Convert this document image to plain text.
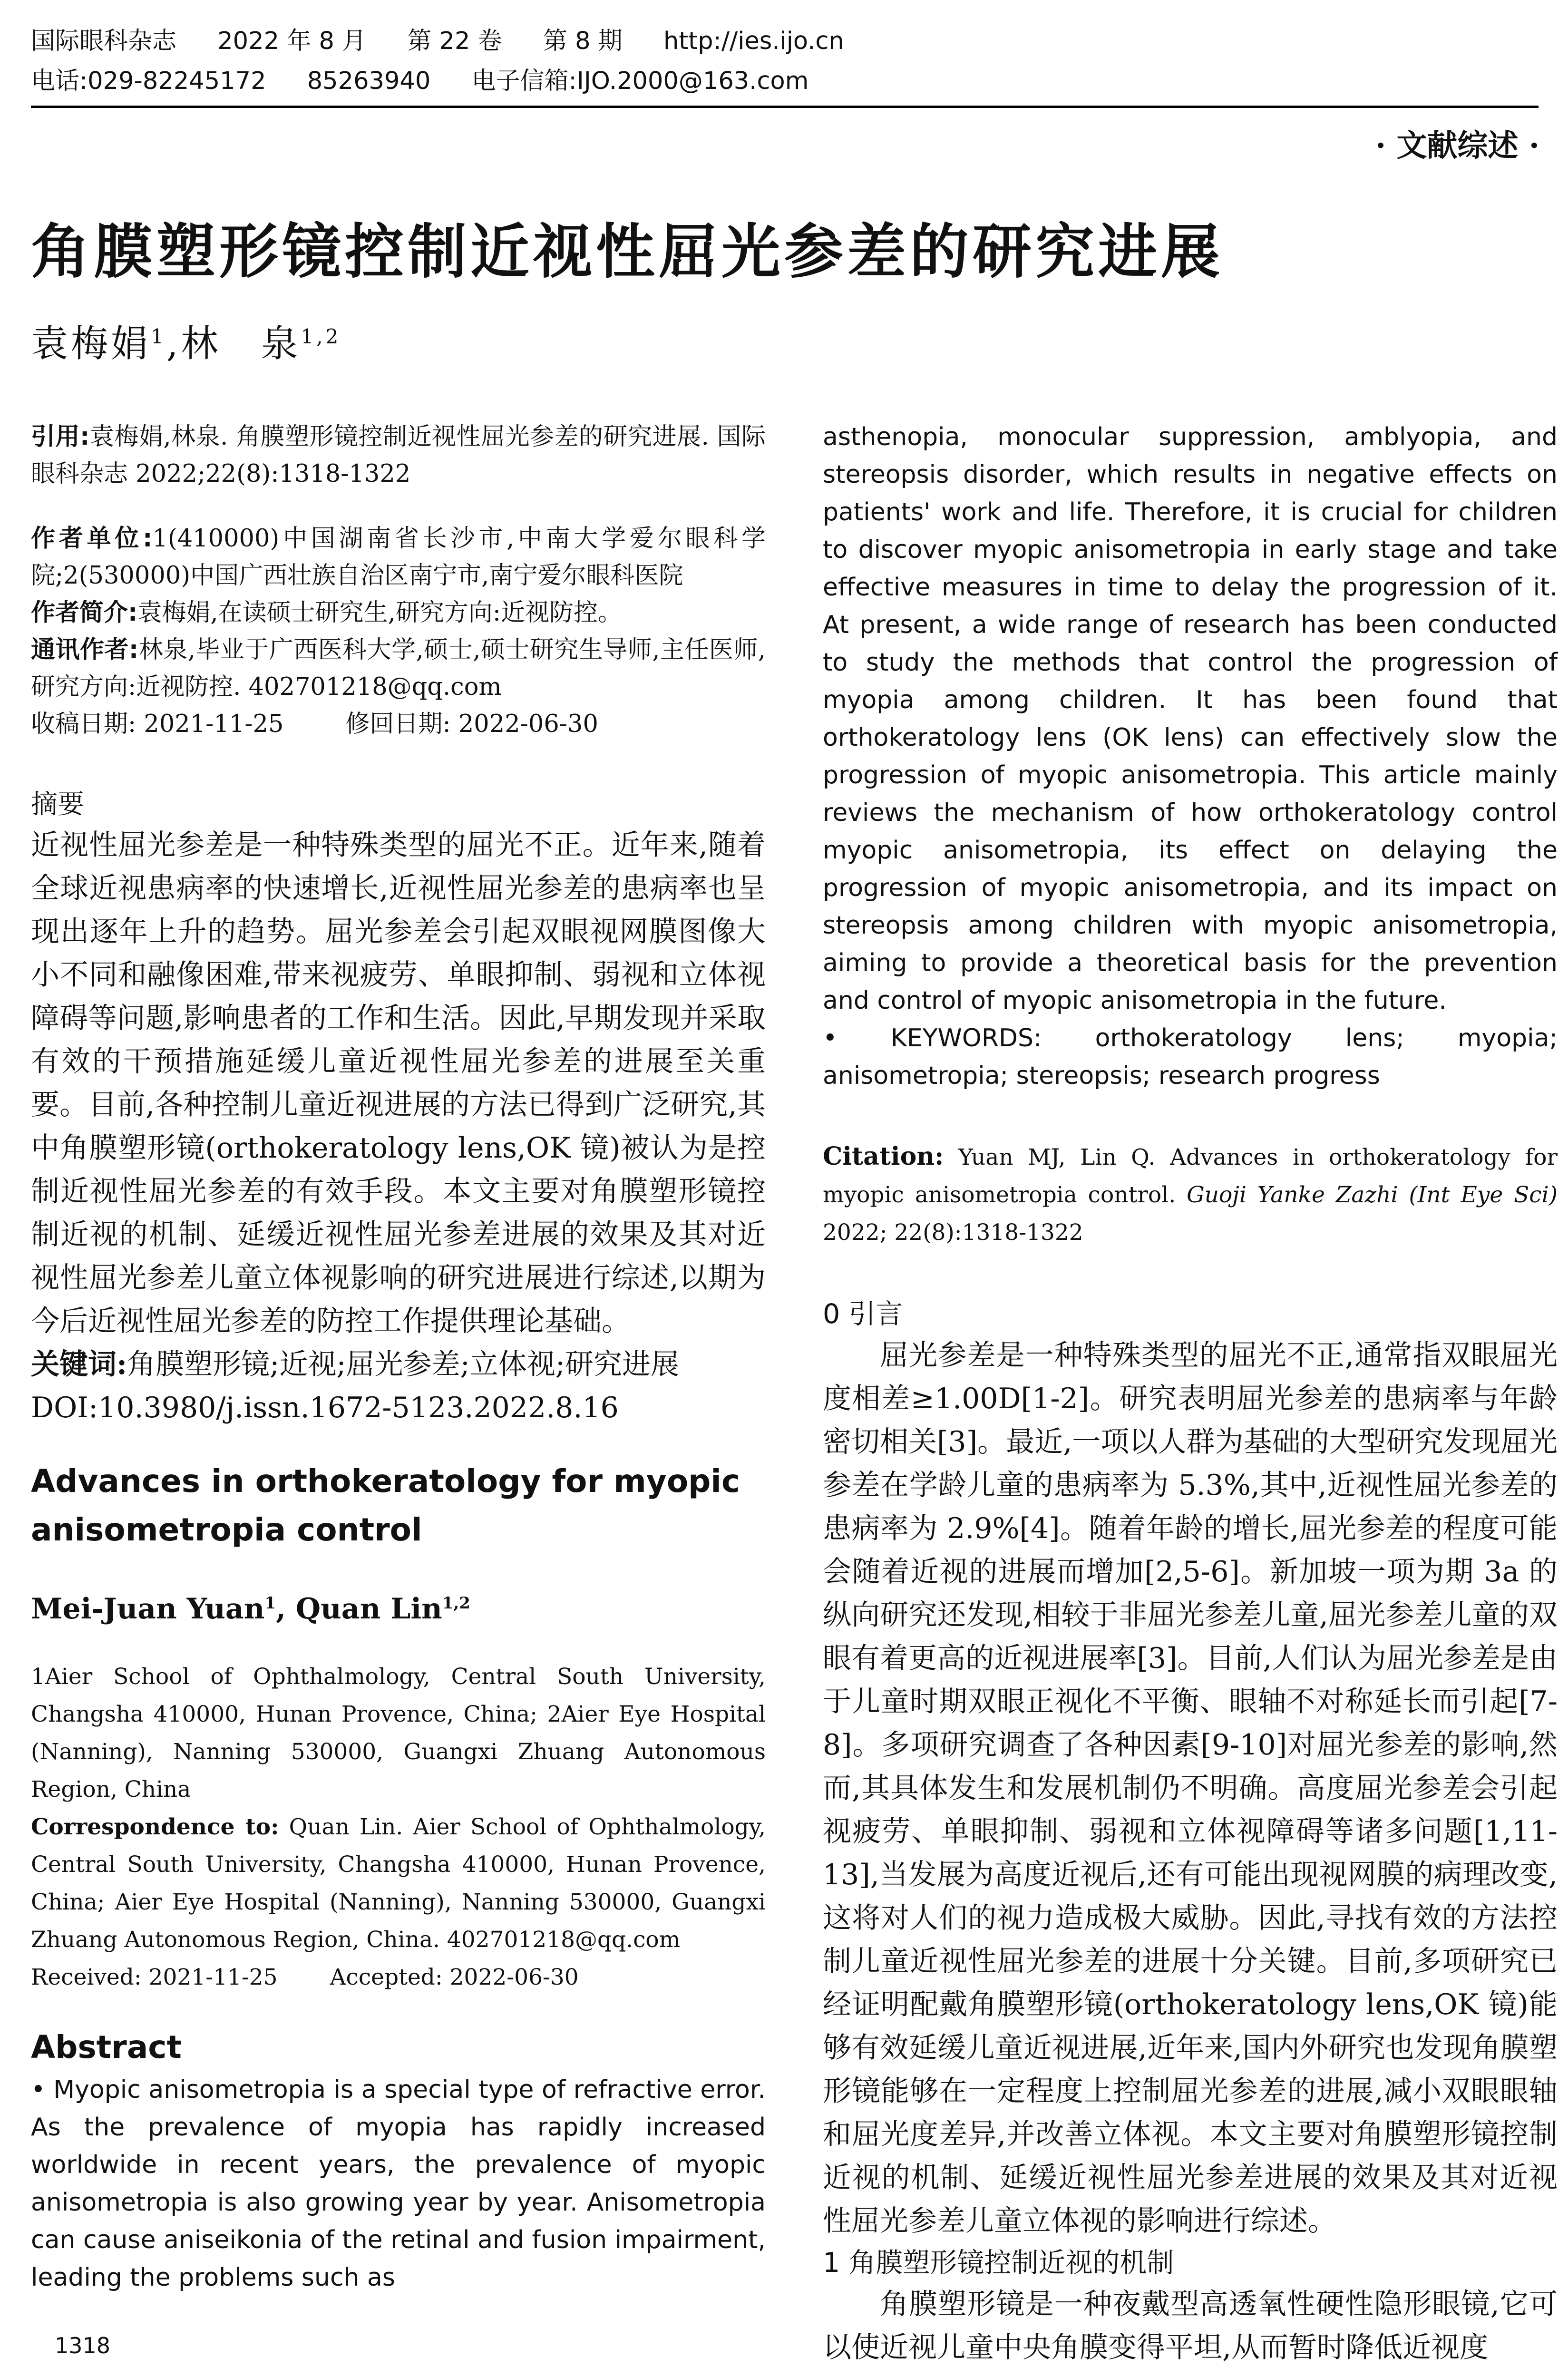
国际眼科杂志 2022 年 8 月 第 22 卷 第 8 期 http://ies.ijo.cn
电话:029-82245172 85263940 电子信箱:IJO.2000@163.com
· 文献综述 ·
角膜塑形镜控制近视性屈光参差的研究进展
袁梅娟$^1$,林　泉$^{1,2}$

引用:袁梅娟,林泉. 角膜塑形镜控制近视性屈光参差的研究进展. 国际眼科杂志 2022;22(8):1318-1322

作者单位:1(410000)中国湖南省长沙市,中南大学爱尔眼科学院;2(530000)中国广西壮族自治区南宁市,南宁爱尔眼科医院

作者简介:袁梅娟,在读硕士研究生,研究方向:近视防控。

通讯作者:林泉,毕业于广西医科大学,硕士,硕士研究生导师,主任医师,研究方向:近视防控. 402701218@qq.com

收稿日期: 2021-11-25	修回日期: 2022-06-30

摘要

近视性屈光参差是一种特殊类型的屈光不正。近年来,随着全球近视患病率的快速增长,近视性屈光参差的患病率也呈现出逐年上升的趋势。屈光参差会引起双眼视网膜图像大小不同和融像困难,带来视疲劳、单眼抑制、弱视和立体视障碍等问题,影响患者的工作和生活。因此,早期发现并采取有效的干预措施延缓儿童近视性屈光参差的进展至关重要。目前,各种控制儿童近视进展的方法已得到广泛研究,其中角膜塑形镜(orthokeratology lens,OK 镜)被认为是控制近视性屈光参差的有效手段。本文主要对角膜塑形镜控制近视的机制、延缓近视性屈光参差进展的效果及其对近视性屈光参差儿童立体视影响的研究进展进行综述,以期为今后近视性屈光参差的防控工作提供理论基础。

关键词:角膜塑形镜;近视;屈光参差;立体视;研究进展

DOI:10.3980/j.issn.1672-5123.2022.8.16

Advances in orthokeratology for myopic anisometropia control

Mei-Juan Yuan$^1$, Quan Lin$^{1,2}$

1Aier School of Ophthalmology, Central South University, Changsha 410000, Hunan Provence, China; 2Aier Eye Hospital (Nanning), Nanning 530000, Guangxi Zhuang Autonomous Region, China

Correspondence to: Quan Lin. Aier School of Ophthalmology, Central South University, Changsha 410000, Hunan Provence, China; Aier Eye Hospital (Nanning), Nanning 530000, Guangxi Zhuang Autonomous Region, China. 402701218@qq.com

Received: 2021-11-25 Accepted: 2022-06-30

Abstract

• Myopic anisometropia is a special type of refractive error. As the prevalence of myopia has rapidly increased worldwide in recent years, the prevalence of myopic anisometropia is also growing year by year. Anisometropia can cause aniseikonia of the retinal and fusion impairment, leading the problems such as

asthenopia, monocular suppression, amblyopia, and stereopsis disorder, which results in negative effects on patients' work and life. Therefore, it is crucial for children to discover myopic anisometropia in early stage and take effective measures in time to delay the progression of it. At present, a wide range of research has been conducted to study the methods that control the progression of myopia among children. It has been found that orthokeratology lens (OK lens) can effectively slow the progression of myopic anisometropia. This article mainly reviews the mechanism of how orthokeratology control myopic anisometropia, its effect on delaying the progression of myopic anisometropia, and its impact on stereopsis among children with myopic anisometropia, aiming to provide a theoretical basis for the prevention and control of myopic anisometropia in the future.

• KEYWORDS: orthokeratology lens; myopia; anisometropia; stereopsis; research progress

Citation: Yuan MJ, Lin Q. Advances in orthokeratology for myopic anisometropia control. Guoji Yanke Zazhi (Int Eye Sci) 2022; 22(8):1318-1322

0 引言

屈光参差是一种特殊类型的屈光不正,通常指双眼屈光度相差≥1.00D[1-2]。研究表明屈光参差的患病率与年龄密切相关[3]。最近,一项以人群为基础的大型研究发现屈光参差在学龄儿童的患病率为 5.3%,其中,近视性屈光参差的患病率为 2.9%[4]。随着年龄的增长,屈光参差的程度可能会随着近视的进展而增加[2,5-6]。新加坡一项为期 3a 的纵向研究还发现,相较于非屈光参差儿童,屈光参差儿童的双眼有着更高的近视进展率[3]。目前,人们认为屈光参差是由于儿童时期双眼正视化不平衡、眼轴不对称延长而引起[7-8]。多项研究调查了各种因素[9-10]对屈光参差的影响,然而,其具体发生和发展机制仍不明确。高度屈光参差会引起视疲劳、单眼抑制、弱视和立体视障碍等诸多问题[1,11-13],当发展为高度近视后,还有可能出现视网膜的病理改变,这将对人们的视力造成极大威胁。因此,寻找有效的方法控制儿童近视性屈光参差的进展十分关键。目前,多项研究已经证明配戴角膜塑形镜(orthokeratology lens,OK 镜)能够有效延缓儿童近视进展,近年来,国内外研究也发现角膜塑形镜能够在一定程度上控制屈光参差的进展,减小双眼眼轴和屈光度差异,并改善立体视。本文主要对角膜塑形镜控制近视的机制、延缓近视性屈光参差进展的效果及其对近视性屈光参差儿童立体视的影响进行综述。

1 角膜塑形镜控制近视的机制

角膜塑形镜是一种夜戴型高透氧性硬性隐形眼镜,它可以使近视儿童中央角膜变得平坦,从而暂时降低近视度

1318
